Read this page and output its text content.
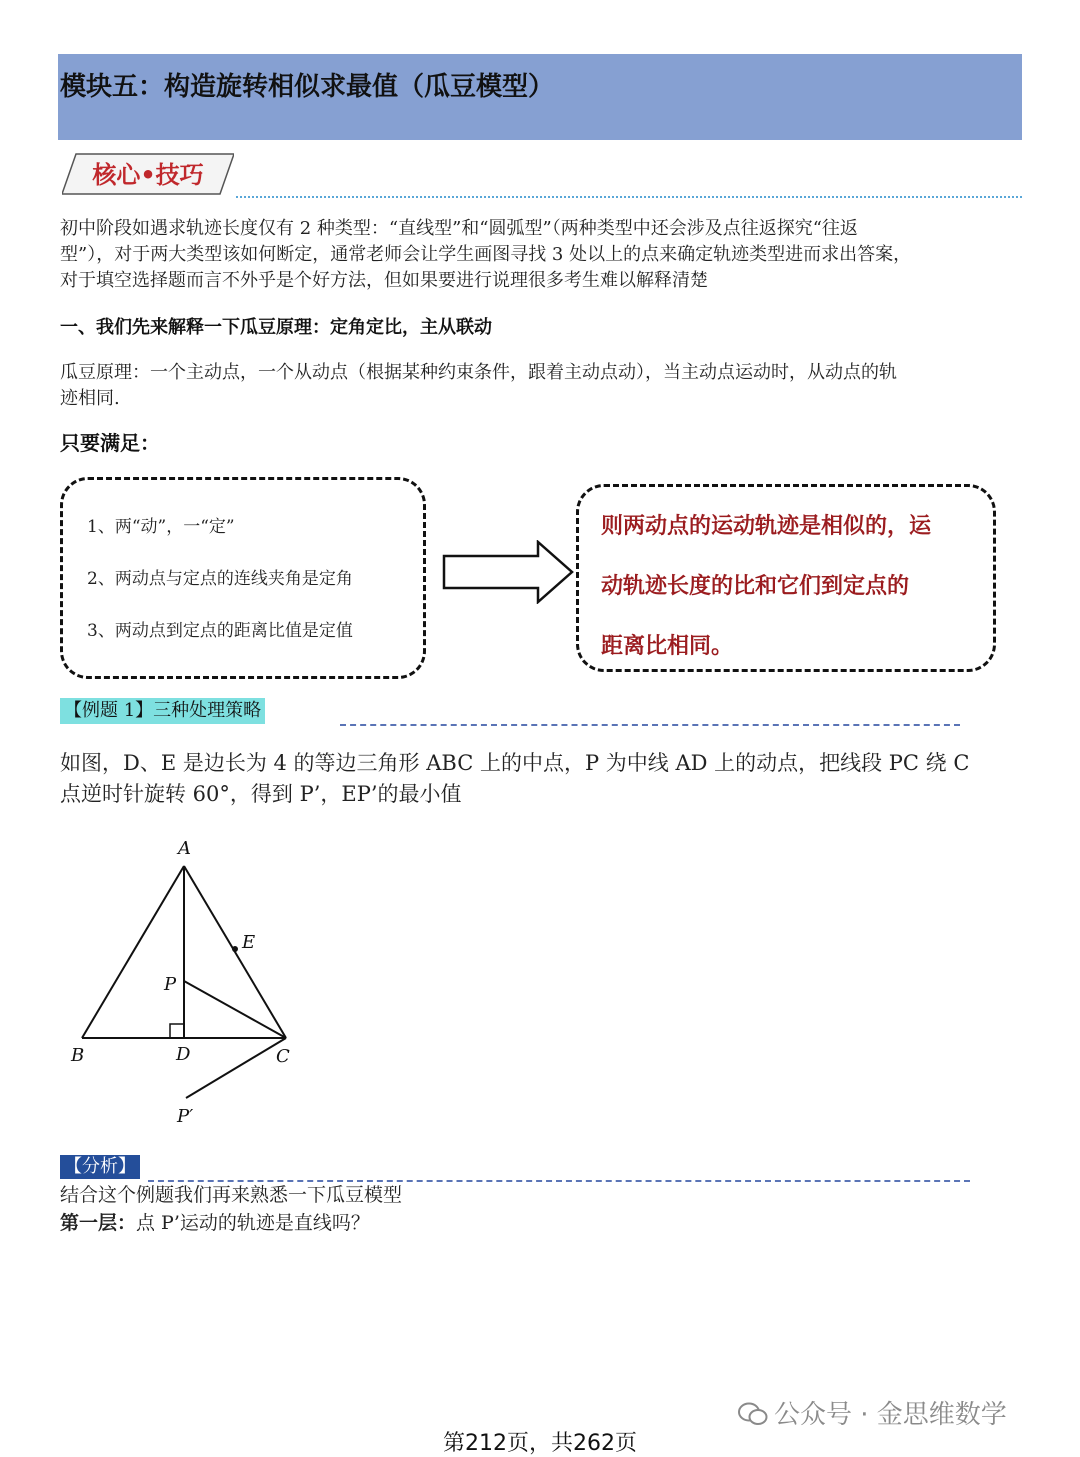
模块五：构造旋转相似求最值（瓜豆模型）
核心•技巧
初中阶段如遇求轨迹长度仅有 2 种类型：“直线型”和“圆弧型”（两种类型中还会涉及点往返探究“往返
型”），对于两大类型该如何断定，通常老师会让学生画图寻找 3 处以上的点来确定轨迹类型进而求出答案，
对于填空选择题而言不外乎是个好方法，但如果要进行说理很多考生难以解释清楚
一、我们先来解释一下瓜豆原理：定角定比，主从联动
瓜豆原理：一个主动点，一个从动点（根据某种约束条件，跟着主动点动），当主动点运动时，从动点的轨
迹相同.
只要满足：
1、两“动”，一“定”
2、两动点与定点的连线夹角是定角
3、两动点到定点的距离比值是定值
则两动点的运动轨迹是相似的，运
动轨迹长度的比和它们到定点的
距离比相同。
【例题 1】三种处理策略
如图，D、E 是边长为 4 的等边三角形 ABC 上的中点，P 为中线 AD 上的动点，把线段 PC 绕 C
点逆时针旋转 60°，得到 P’，EP’的最小值
A
E
P
B	D	C
P′
【分析】
结合这个例题我们再来熟悉一下瓜豆模型
第一层：点 P’运动的轨迹是直线吗？
公众号 · 金思维数学
第212页，共262页
